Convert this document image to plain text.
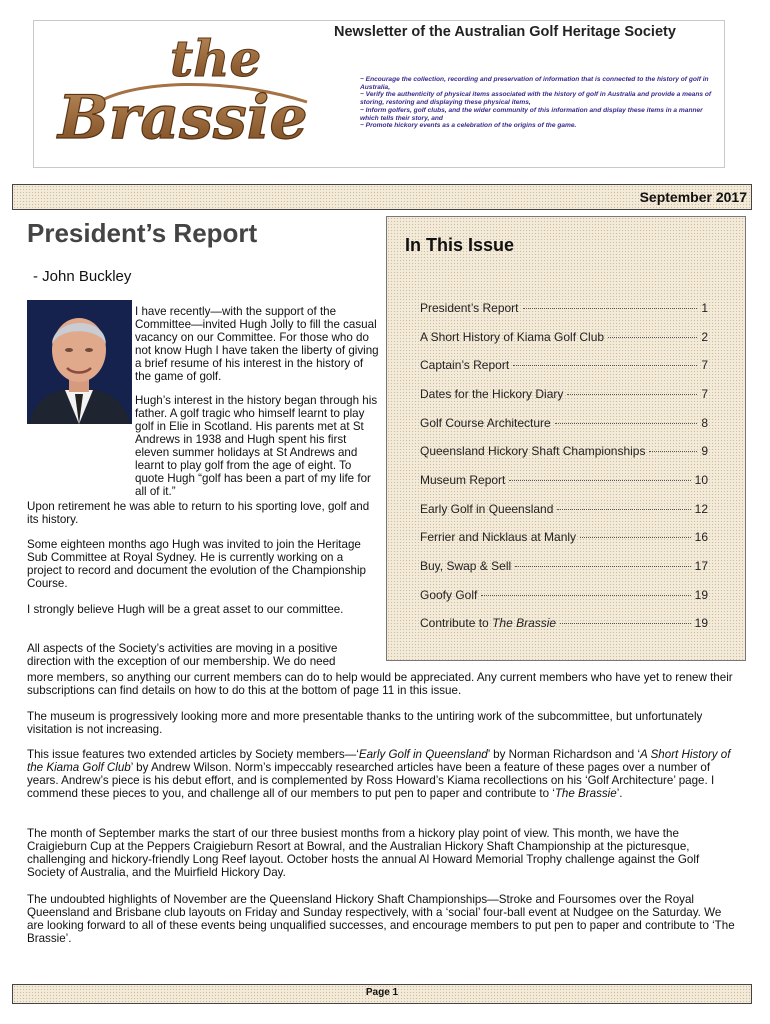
the
Brassie
Newsletter of the Australian Golf Heritage Society
~ Encourage the collection, recording and preservation of information that is connected to the history of golf in Australia,
~ Verify the authenticity of physical items associated with the history of golf in Australia and provide a means of storing, restoring and displaying these physical items,
~ Inform golfers, golf clubs, and the wider community of this information and display these items in a manner which tells their story, and
~ Promote hickory events as a celebration of the origins of the game.
September 2017
President’s Report
- John Buckley
In This Issue
President’s Report	1
A Short History of Kiama Golf Club	2
Captain’s Report	7
Dates for the Hickory Diary	7
Golf Course Architecture	8
Queensland Hickory Shaft Championships	9
Museum Report	10
Early Golf in Queensland	12
Ferrier and Nicklaus at Manly	16
Buy, Swap & Sell	17
Goofy Golf	19
Contribute to The Brassie	19

I have recently—with the support of the Committee—invited Hugh Jolly to fill the casual vacancy on our Committee. For those who do not know Hugh I have taken the liberty of giving a brief resume of his interest in the history of the game of golf.

Hugh’s interest in the history began through his father. A golf tragic who himself learnt to play golf in Elie in Scotland. His parents met at St Andrews in 1938 and Hugh spent his first eleven summer holidays at St Andrews and learnt to play golf from the age of eight. To quote Hugh “golf has been a part of my life for all of it.”

Upon retirement he was able to return to his sporting love, golf and its history.

Some eighteen months ago Hugh was invited to join the Heritage Sub Committee at Royal Sydney. He is currently working on a project to record and document the evolution of the Championship Course.

I strongly believe Hugh will be a great asset to our committee.

All aspects of the Society’s activities are moving in a positive direction with the exception of our membership. We do need

The museum is progressively looking more and more presentable thanks to the untiring work of the subcommittee, but unfortunately visitation is not increasing.

This issue features two extended articles by Society members—‘Early Golf in Queensland’ by Norman Richardson and ‘A Short History of the Kiama Golf Club’ by Andrew Wilson. Norm’s impeccably researched articles have been a feature of these pages over a number of years. Andrew’s piece is his debut effort, and is complemented by Ross Howard’s Kiama recollections on his ‘Golf Architecture’ page. I commend these pieces to you, and challenge all of our members to put pen to paper and contribute to ‘The Brassie’.

The month of September marks the start of our three busiest months from a hickory play point of view. This month, we have the Craigieburn Cup at the Peppers Craigieburn Resort at Bowral, and the Australian Hickory Shaft Championship at the picturesque, challenging and hickory-friendly Long Reef layout. October hosts the annual Al Howard Memorial Trophy challenge against the Golf Society of Australia, and the Muirfield Hickory Day.

The undoubted highlights of November are the Queensland Hickory Shaft Championships—Stroke and Foursomes over the Royal Queensland and Brisbane club layouts on Friday and Sunday respectively, with a ‘social’ four-ball event at Nudgee on the Saturday. We are looking forward to all of these events being unqualified successes, and encourage members to put pen to paper and contribute to ‘The Brassie’.

Page 1

more members, so anything our current members can do to help would be appreciated. Any current members who have yet to renew their subscriptions can find details on how to do this at the bottom of page 11 in this issue.
